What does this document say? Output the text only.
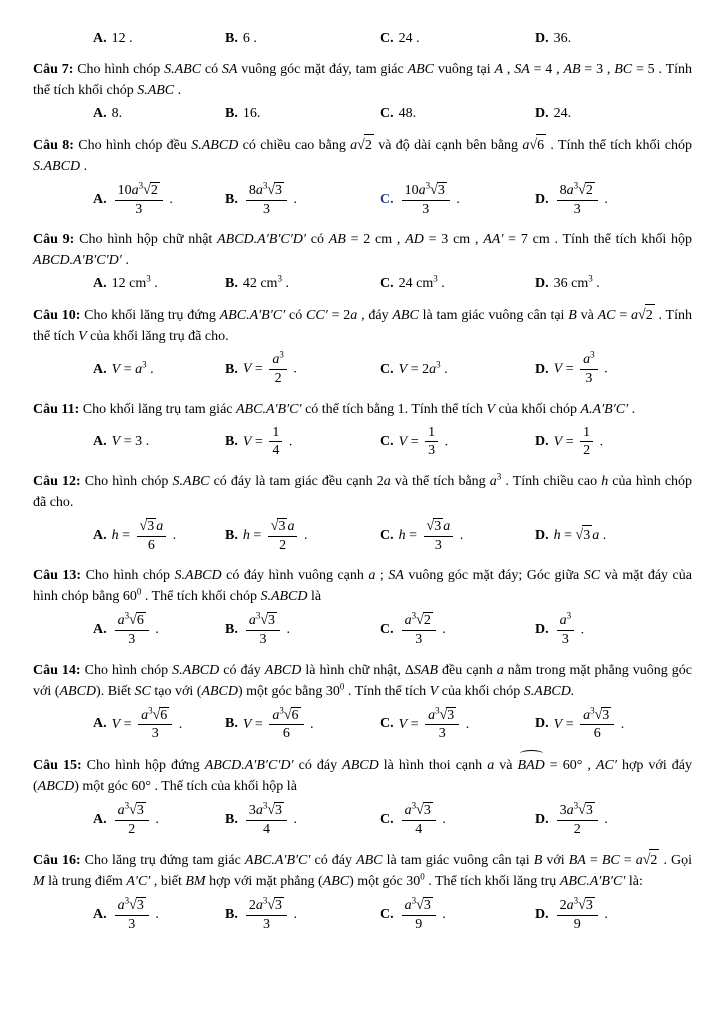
A. 12 .	B. 6 .	C. 24 .	D. 36.

Câu 7: Cho hình chóp S.ABC có SA vuông góc mặt đáy, tam giác ABC vuông tại A , SA = 4 , AB = 3 , BC = 5 . Tính thể tích khối chóp S.ABC .

A. 8.	B. 16.	C. 48.	D. 24.

Câu 8: Cho hình chóp đều S.ABCD có chiều cao bằng a√2 và độ dài cạnh bên bằng a√6 . Tính thể tích khối chóp S.ABCD .

A. $\frac{10a^3√2}{3}$ .	B. $\frac{8a^3√3}{3}$ .	C. $\frac{10a^3√3}{3}$ .	D. $\frac{8a^3√2}{3}$ .

Câu 9: Cho hình hộp chữ nhật ABCD.A′B′C′D′ có AB = 2 cm , AD = 3 cm , AA′ = 7 cm . Tính thể tích khối hộp ABCD.A′B′C′D′ .

A. 12 $cm^3$ .	B. 42 $cm^3$ .	C. 24 $cm^3$ .	D. 36 $cm^3$ .

Câu 10: Cho khối lăng trụ đứng ABC.A′B′C′ có CC′ = 2a , đáy ABC là tam giác vuông cân tại B và AC = a√2 . Tính thể tích V của khối lăng trụ đã cho.

A. $V = a^3$ .	B. $V = \frac{a^3}{2}$ .	C. $V = 2a^3$ .	D. $V = \frac{a^3}{3}$ .

Câu 11: Cho khối lăng trụ tam giác ABC.A′B′C′ có thể tích bằng 1. Tính thể tích V của khối chóp A.A′B′C′ .

A. V = 3 .	B. $V = \frac{1}{4}$ .	C. $V = \frac{1}{3}$ .	D. $V = \frac{1}{2}$ .

Câu 12: Cho hình chóp S.ABC có đáy là tam giác đều cạnh 2a và thể tích bằng $a^3$ . Tính chiều cao h của hình chóp đã cho.

A. $h = \frac{√3 a}{6}$ .	B. $h = \frac{√3 a}{2}$ .	C. $h = \frac{√3 a}{3}$ .	D. h = √3 a .

Câu 13: Cho hình chóp S.ABCD có đáy hình vuông cạnh a ; SA vuông góc mặt đáy; Góc giữa SC và mặt đáy của hình chóp bằng $60^0$ . Thể tích khối chóp S.ABCD là

A. $\frac{a^3√6}{3}$ .	B. $\frac{a^3√3}{3}$ .	C. $\frac{a^3√2}{3}$ .	D. $\frac{a^3}{3}$ .

Câu 14: Cho hình chóp S.ABCD có đáy ABCD là hình chữ nhật, ΔSAB đều cạnh a nằm trong mặt phẳng vuông góc với (ABCD). Biết SC tạo với (ABCD) một góc bằng $30^0$ . Tính thể tích V của khối chóp S.ABCD.

A. $V = \frac{a^3√6}{3}$ .	B. $V = \frac{a^3√6}{6}$ .	C. $V = \frac{a^3√3}{3}$ .	D. $V = \frac{a^3√3}{6}$ .

Câu 15: Cho hình hộp đứng ABCD.A′B′C′D′ có đáy ABCD là hình thoi cạnh a và
BAD = 60° , AC′ hợp với đáy (ABCD) một góc 60° . Thể tích của khối hộp là

A. $\frac{a^3√3}{2}$ .	B. $\frac{3a^3√3}{4}$ .	C. $\frac{a^3√3}{4}$ .	D. $\frac{3a^3√3}{2}$ .

Câu 16: Cho lăng trụ đứng tam giác ABC.A′B′C′ có đáy ABC là tam giác vuông cân tại B với BA = BC = a√2 . Gọi M là trung điểm A′C′ , biết BM hợp với mặt phẳng (ABC) một góc $30^0$ . Thể tích khối lăng trụ ABC.A′B′C′ là:

A. $\frac{a^3√3}{3}$ .	B. $\frac{2a^3√3}{3}$ .	C. $\frac{a^3√3}{9}$ .	D. $\frac{2a^3√3}{9}$ .
